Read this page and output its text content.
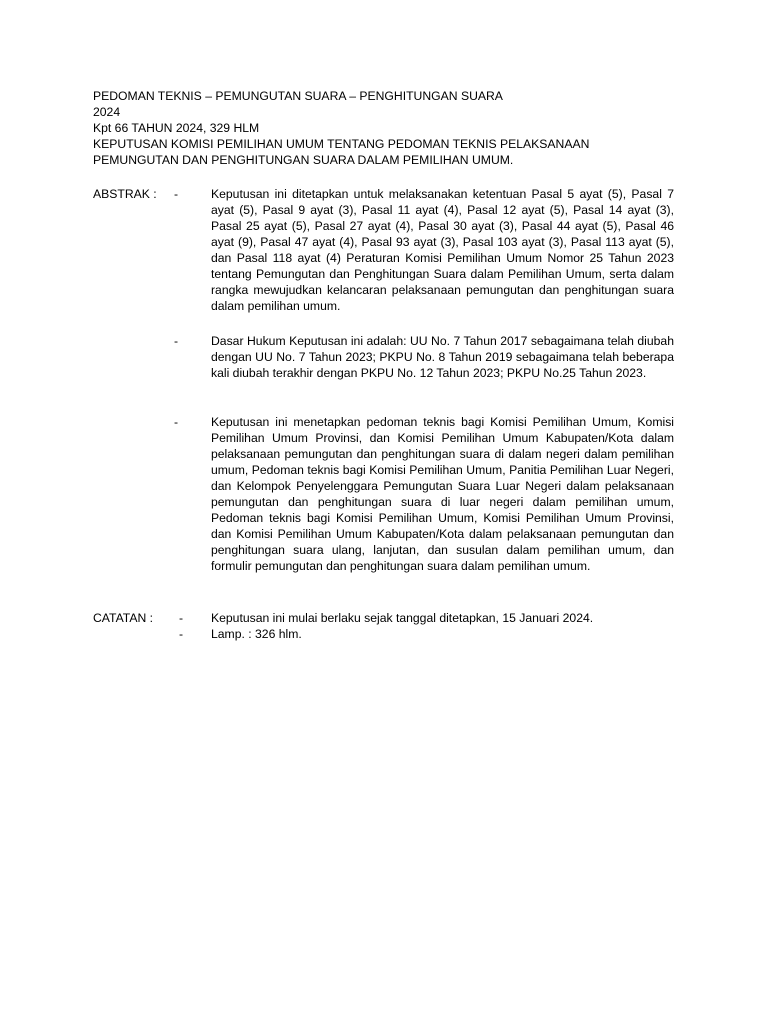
PEDOMAN TEKNIS – PEMUNGUTAN SUARA – PENGHITUNGAN SUARA
2024
Kpt 66 TAHUN 2024, 329 HLM
KEPUTUSAN KOMISI PEMILIHAN UMUM TENTANG PEDOMAN TEKNIS PELAKSANAAN PEMUNGUTAN DAN PENGHITUNGAN SUARA DALAM PEMILIHAN UMUM.
ABSTRAK : -	Keputusan ini ditetapkan untuk melaksanakan ketentuan Pasal 5 ayat (5), Pasal 7 ayat (5), Pasal 9 ayat (3), Pasal 11 ayat (4), Pasal 12 ayat (5), Pasal 14 ayat (3), Pasal 25 ayat (5), Pasal 27 ayat (4), Pasal 30 ayat (3), Pasal 44 ayat (5), Pasal 46 ayat (9), Pasal 47 ayat (4), Pasal 93 ayat (3), Pasal 103 ayat (3), Pasal 113 ayat (5), dan Pasal 118 ayat (4) Peraturan Komisi Pemilihan Umum Nomor 25 Tahun 2023 tentang Pemungutan dan Penghitungan Suara dalam Pemilihan Umum, serta dalam rangka mewujudkan kelancaran pelaksanaan pemungutan dan penghitungan suara dalam pemilihan umum.
-	Dasar Hukum Keputusan ini adalah: UU No. 7 Tahun 2017 sebagaimana telah diubah dengan UU No. 7 Tahun 2023; PKPU No. 8 Tahun 2019 sebagaimana telah beberapa kali diubah terakhir dengan PKPU No. 12 Tahun 2023; PKPU No.25 Tahun 2023.
-	Keputusan ini menetapkan pedoman teknis bagi Komisi Pemilihan Umum, Komisi Pemilihan Umum Provinsi, dan Komisi Pemilihan Umum Kabupaten/Kota dalam pelaksanaan pemungutan dan penghitungan suara di dalam negeri dalam pemilihan umum, Pedoman teknis bagi Komisi Pemilihan Umum, Panitia Pemilihan Luar Negeri, dan Kelompok Penyelenggara Pemungutan Suara Luar Negeri dalam pelaksanaan pemungutan dan penghitungan suara di luar negeri dalam pemilihan umum, Pedoman teknis bagi Komisi Pemilihan Umum, Komisi Pemilihan Umum Provinsi, dan Komisi Pemilihan Umum Kabupaten/Kota dalam pelaksanaan pemungutan dan penghitungan suara ulang, lanjutan, dan susulan dalam pemilihan umum, dan formulir pemungutan dan penghitungan suara dalam pemilihan umum.
CATATAN : - Keputusan ini mulai berlaku sejak tanggal ditetapkan, 15 Januari 2024.
- Lamp. : 326 hlm.
